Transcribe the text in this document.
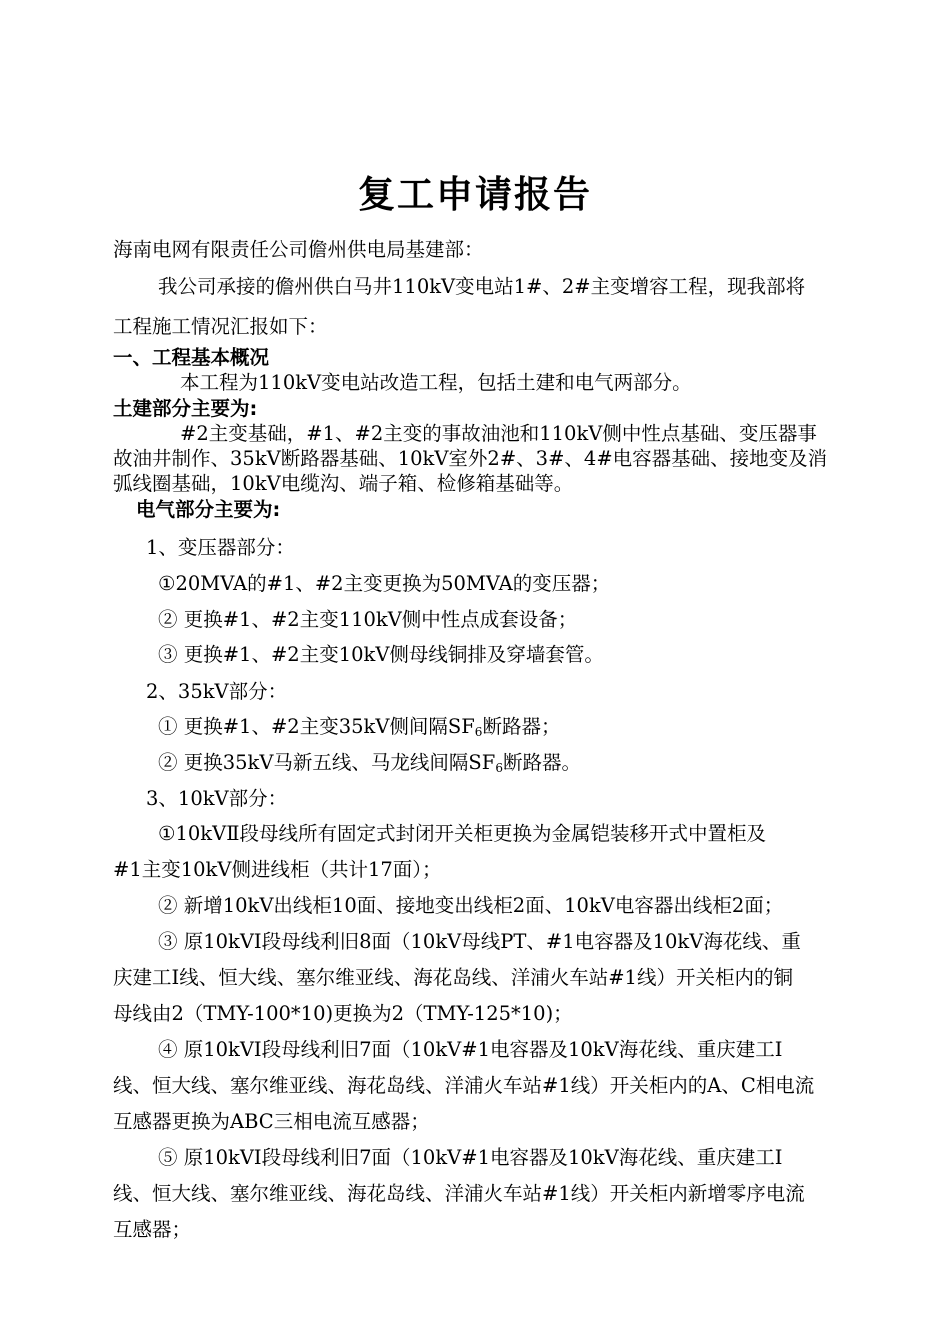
复工申请报告
海南电网有限责任公司儋州供电局基建部：
我公司承接的儋州供白马井110kV变电站1#、2#主变增容工程，现我部将
工程施工情况汇报如下：
一、工程基本概况
本工程为110kV变电站改造工程，包括土建和电气两部分。
土建部分主要为:
#2主变基础，#1、#2主变的事故油池和110kV侧中性点基础、变压器事
故油井制作、35kV断路器基础、10kV室外2#、3#、4#电容器基础、接地变及消
弧线圈基础，10kV电缆沟、端子箱、检修箱基础等。
电气部分主要为:
1、变压器部分：
①20MVA的#1、#2主变更换为50MVA的变压器；
② 更换#1、#2主变110kV侧中性点成套设备；
③ 更换#1、#2主变10kV侧母线铜排及穿墙套管。
2、35kV部分：
① 更换#1、#2主变35kV侧间隔$SF_6$断路器；
② 更换35kV马新五线、马龙线间隔$SF_6$断路器。
3、10kV部分：
①10kVⅡ段母线所有固定式封闭开关柜更换为金属铠装移开式中置柜及
#1主变10kV侧进线柜（共计17面）；
② 新增10kV出线柜10面、接地变出线柜2面、10kV电容器出线柜2面；
③ 原10kVⅠ段母线利旧8面（10kV母线PT、#1电容器及10kV海花线、重
庆建工Ⅰ线、恒大线、塞尔维亚线、海花岛线、洋浦火车站#1线）开关柜内的铜
母线由2（TMY-100*10)更换为2（TMY-125*10)；
④ 原10kVⅠ段母线利旧7面（10kV#1电容器及10kV海花线、重庆建工Ⅰ
线、恒大线、塞尔维亚线、海花岛线、洋浦火车站#1线）开关柜内的A、C相电流
互感器更换为ABC三相电流互感器；
⑤ 原10kVⅠ段母线利旧7面（10kV#1电容器及10kV海花线、重庆建工Ⅰ
线、恒大线、塞尔维亚线、海花岛线、洋浦火车站#1线）开关柜内新增零序电流
互感器；
